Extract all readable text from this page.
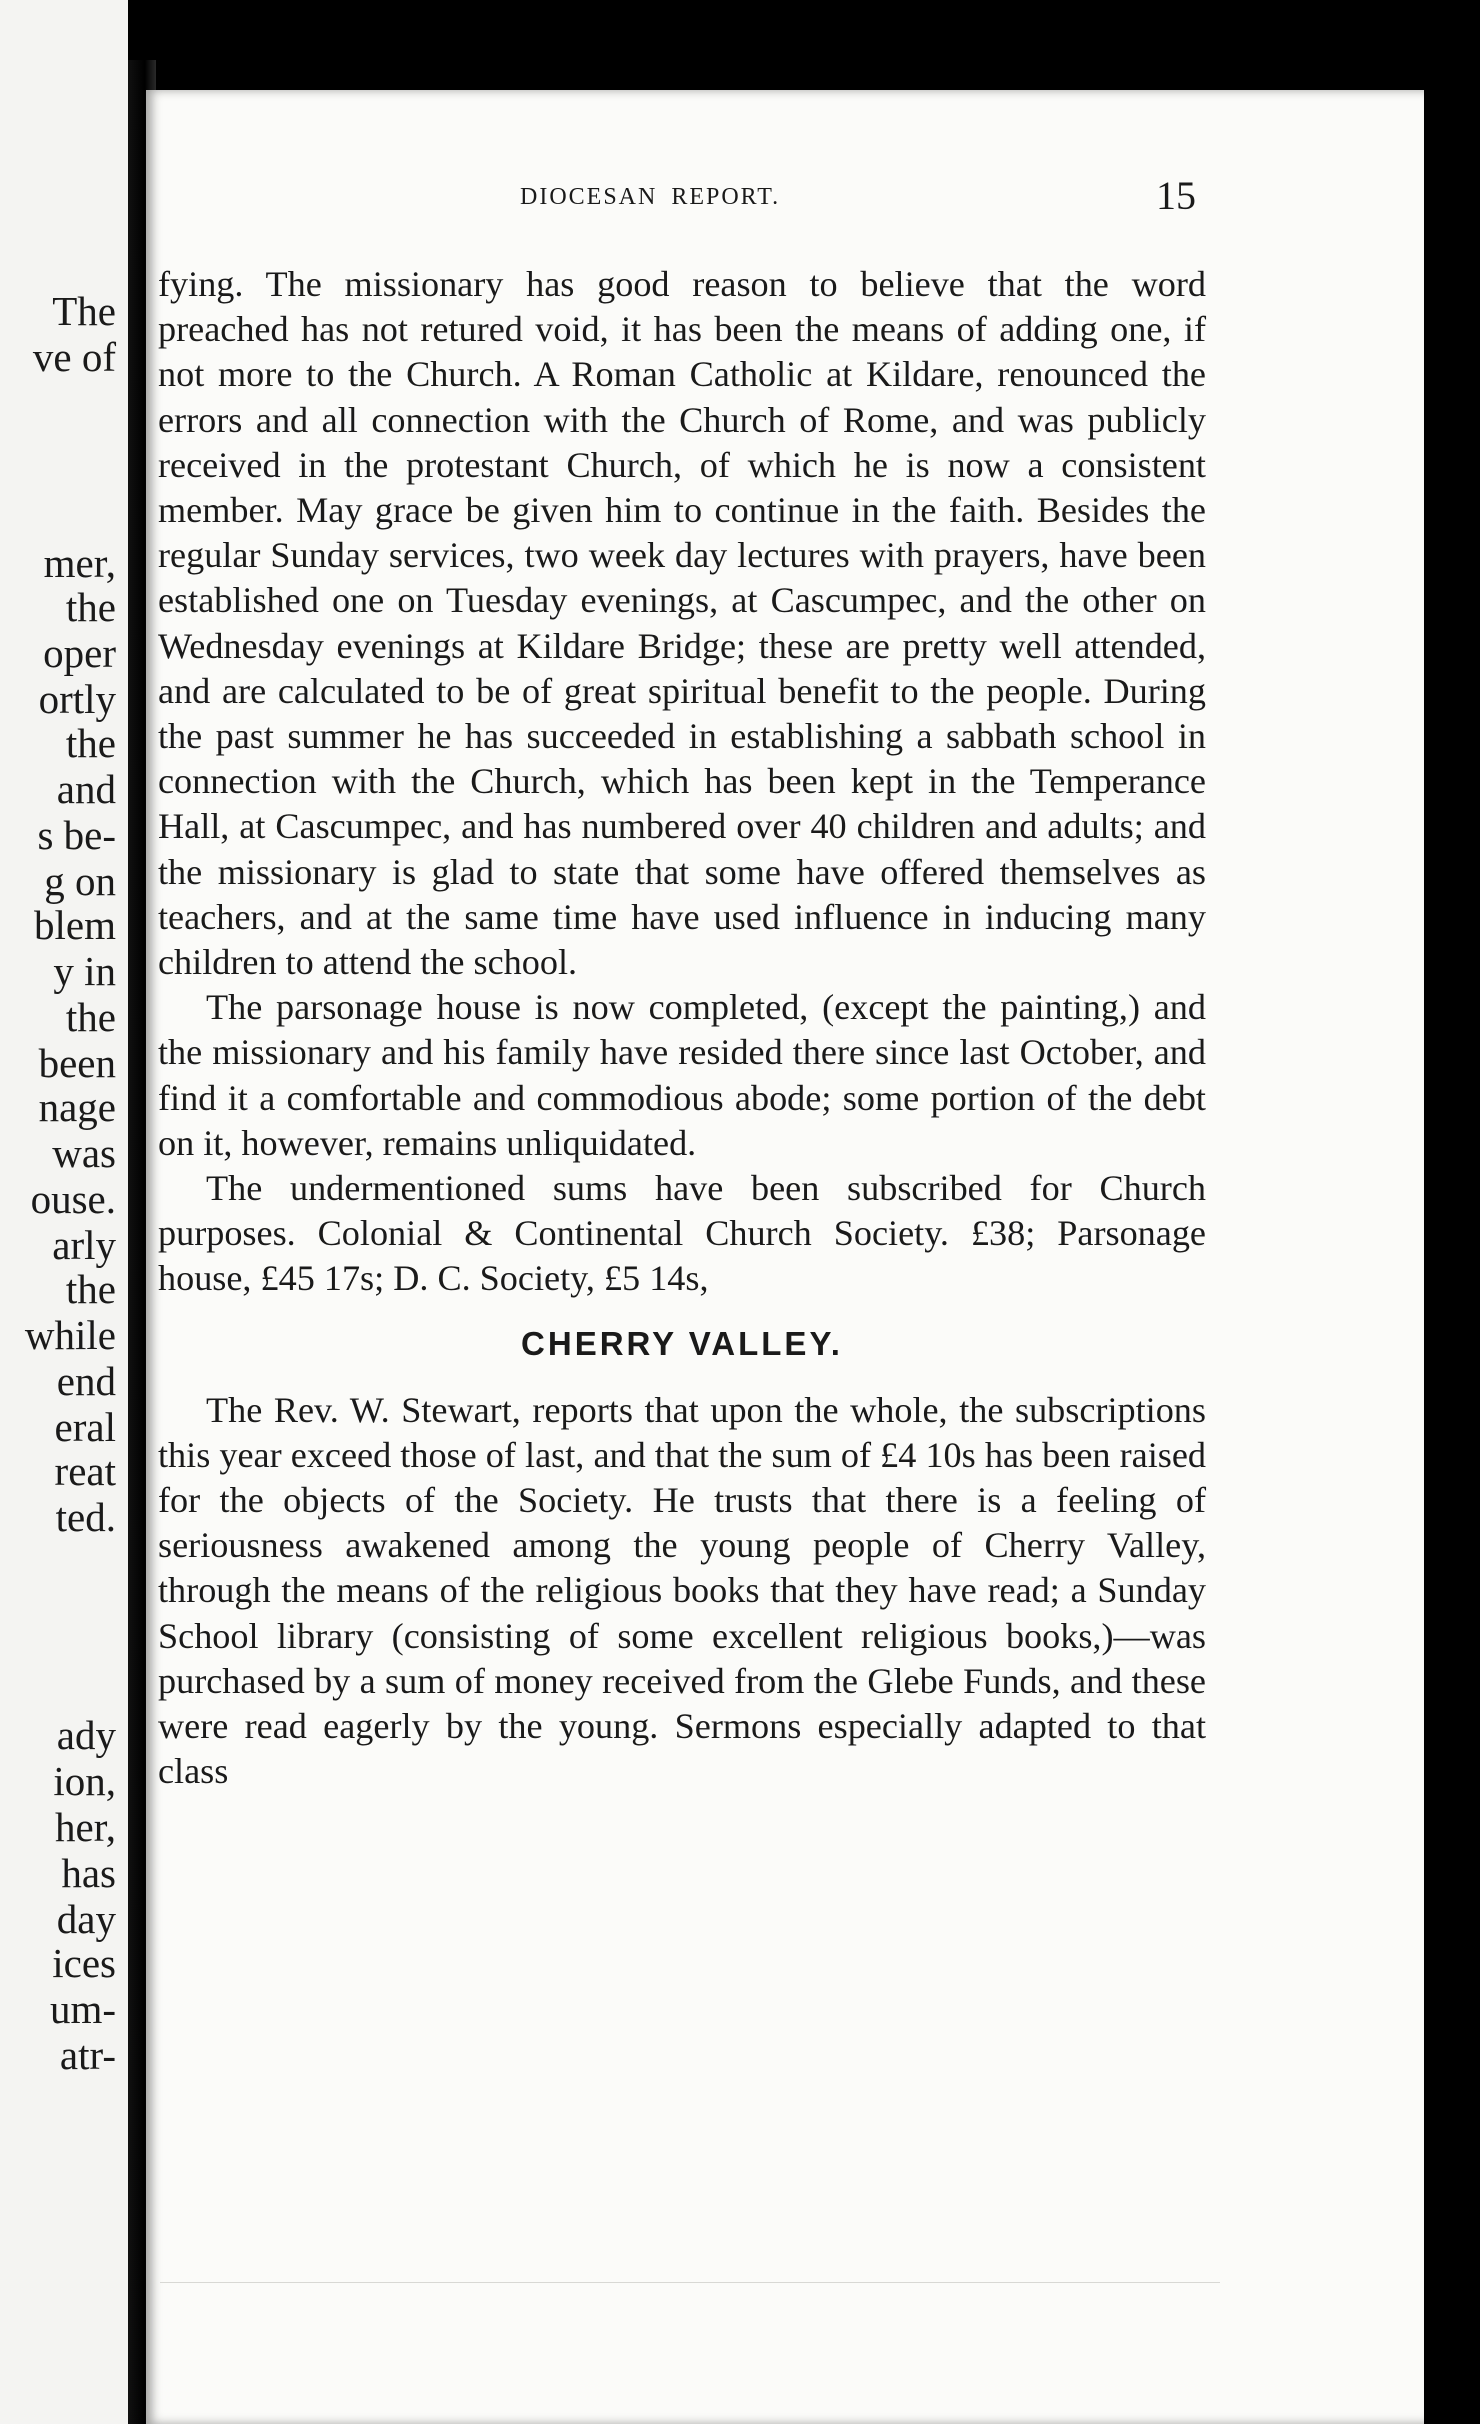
The
ve of
mer,
the
oper
ortly
the
and
s be-
g on
blem
y in
the
been
nage
was
ouse.
arly
the
while
end
eral
reat
ted.
ady
ion,
her,
has
day
ices
um-
atr-
DIOCESAN REPORT.	15

fying. The missionary has good reason to believe that the word preached has not retured void, it has been the means of adding one, if not more to the Church. A Roman Catholic at Kildare, renounced the errors and all connection with the Church of Rome, and was publicly received in the protestant Church, of which he is now a consistent member. May grace be given him to continue in the faith. Besides the regular Sunday services, two week day lectures with prayers, have been established one on Tuesday evenings, at Cascumpec, and the other on Wednesday evenings at Kildare Bridge; these are pretty well attended, and are calculated to be of great spiritual benefit to the people. During the past summer he has succeeded in establishing a sabbath school in connection with the Church, which has been kept in the Temperance Hall, at Cascumpec, and has numbered over 40 children and adults; and the missionary is glad to state that some have offered themselves as teachers, and at the same time have used influence in inducing many children to attend the school.

The parsonage house is now completed, (except the painting,) and the missionary and his family have resided there since last October, and find it a comfortable and commodious abode; some portion of the debt on it, however, remains unliquidated.

The undermentioned sums have been subscribed for Church purposes. Colonial & Continental Church Society. £38; Parsonage house, £45 17s; D. C. Society, £5 14s,

CHERRY VALLEY.

The Rev. W. Stewart, reports that upon the whole, the subscriptions this year exceed those of last, and that the sum of £4 10s has been raised for the objects of the Society. He trusts that there is a feeling of seriousness awakened among the young people of Cherry Valley, through the means of the religious books that they have read; a Sunday School library (consisting of some excellent religious books,)—was purchased by a sum of money received from the Glebe Funds, and these were read eagerly by the young. Sermons especially adapted to that class
